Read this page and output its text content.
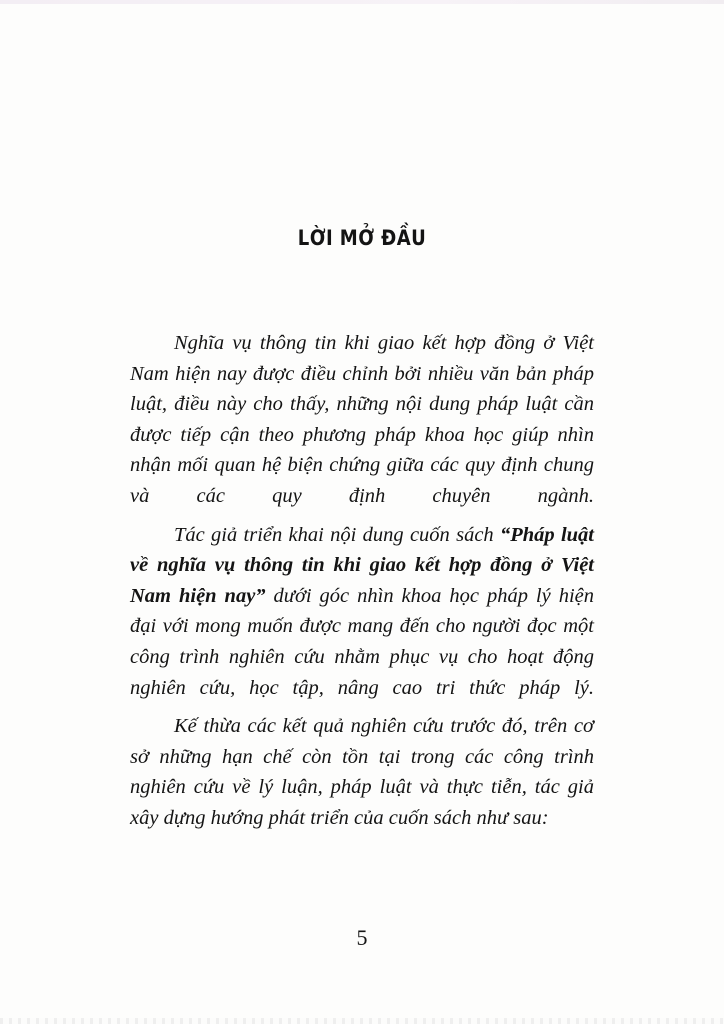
LỜI MỞ ĐẦU

Nghĩa vụ thông tin khi giao kết hợp đồng ở Việt Nam hiện nay được điều chỉnh bởi nhiều văn bản pháp luật, điều này cho thấy, những nội dung pháp luật cần được tiếp cận theo phương pháp khoa học giúp nhìn nhận mối quan hệ biện chứng giữa các quy định chung và các quy định chuyên ngành.

Tác giả triển khai nội dung cuốn sách “Pháp luật về nghĩa vụ thông tin khi giao kết hợp đồng ở Việt Nam hiện nay” dưới góc nhìn khoa học pháp lý hiện đại với mong muốn được mang đến cho người đọc một công trình nghiên cứu nhằm phục vụ cho hoạt động nghiên cứu, học tập, nâng cao tri thức pháp lý.

Kế thừa các kết quả nghiên cứu trước đó, trên cơ sở những hạn chế còn tồn tại trong các công trình nghiên cứu về lý luận, pháp luật và thực tiễn, tác giả xây dựng hướng phát triển của cuốn sách như sau:

5
